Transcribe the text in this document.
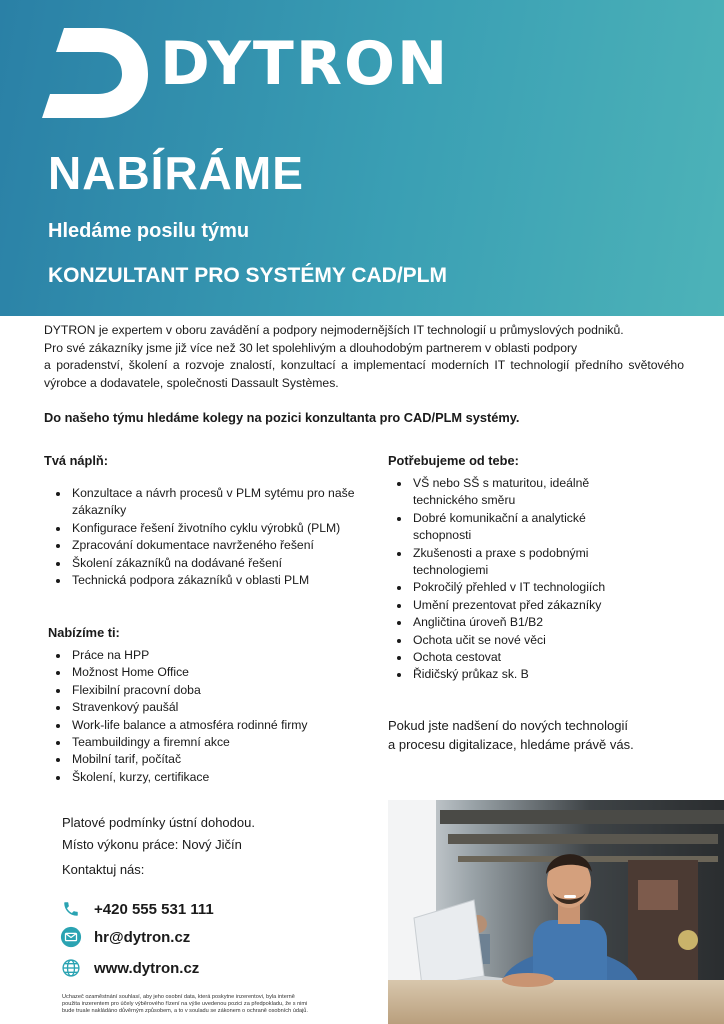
DYTRON
NABÍRÁME
Hledáme posilu týmu
KONZULTANT PRO SYSTÉMY CAD/PLM

DYTRON je expertem v oboru zavádění a podpory nejmodernějších IT technologií u průmyslových podniků.

Pro své zákazníky jsme již více než 30 let spolehlivým a dlouhodobým partnerem v oblasti podpory

a poradenství, školení a rozvoje znalostí, konzultací a implementací moderních IT technologií předního světového výrobce a dodavatele, společnosti Dassault Systèmes.

Do našeho týmu hledáme kolegy na pozici konzultanta pro CAD/PLM systémy.
Tvá náplň:
• Konzultace a návrh procesů v PLM sytému pro naše zákazníky
• Konfigurace řešení životního cyklu výrobků (PLM)
• Zpracování dokumentace navrženého řešení
• Školení zákazníků na dodávané řešení
• Technická podpora zákazníků v oblasti PLM
Nabízíme ti:
• Práce na HPP
• Možnost Home Office
• Flexibilní pracovní doba
• Stravenkový paušál
• Work-life balance a atmosféra rodinné firmy
• Teambuildingy a firemní akce
• Mobilní tarif, počítač
• Školení, kurzy, certifikace
Potřebujeme od tebe:
• VŠ nebo SŠ s maturitou, ideálně technického směru
• Dobré komunikační a analytické schopnosti
• Zkušenosti a praxe s podobnými technologiemi
• Pokročilý přehled v IT technologiích
• Umění prezentovat před zákazníky
• Angličtina úroveň B1/B2
• Ochota učit se nové věci
• Ochota cestovat
• Řidičský průkaz sk. B
Pokud jste nadšení do nových technologií
a procesu digitalizace, hledáme právě vás.
Platové podmínky ústní dohodou.
Místo výkonu práce: Nový Jičín
Kontaktuj nás:
+420 555 531 111
hr@dytron.cz
www.dytron.cz
Uchazeč ozaměstnání souhlasí, aby jeho osobní data, která poskytne inzerentovi, byla interně
použita inzerentem pro účely výběrového řízení na výše uvedenou pozici za předpokladu, že s nimi
bude truale nakládáno důvěrným způsobem, a to v souladu se zákonem o ochraně osobních údajů.
